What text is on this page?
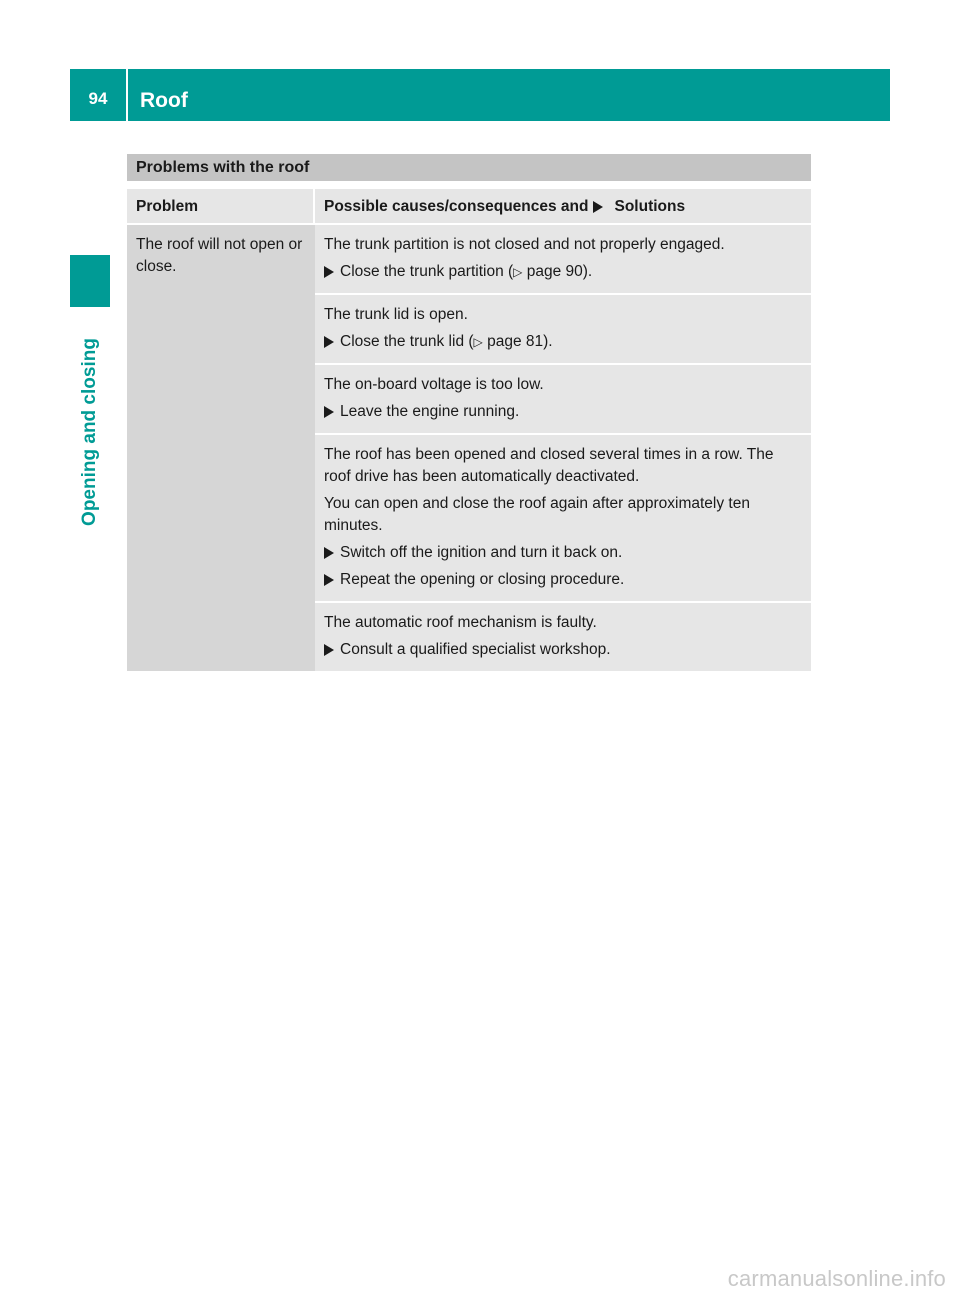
94	Roof
Opening and closing
Problems with the roof
Problem	Possible causes/consequences and Solutions
The roof will not open or close.

The trunk partition is not closed and not properly engaged.

Close the trunk partition (▷ page 90).

The trunk lid is open.

Close the trunk lid (▷ page 81).

The on-board voltage is too low.

Leave the engine running.

The roof has been opened and closed several times in a row. The roof drive has been automatically deactivated.

You can open and close the roof again after approximately ten minutes.

Switch off the ignition and turn it back on.
Repeat the opening or closing procedure.

The automatic roof mechanism is faulty.

Consult a qualified specialist workshop.
carmanualsonline.info
